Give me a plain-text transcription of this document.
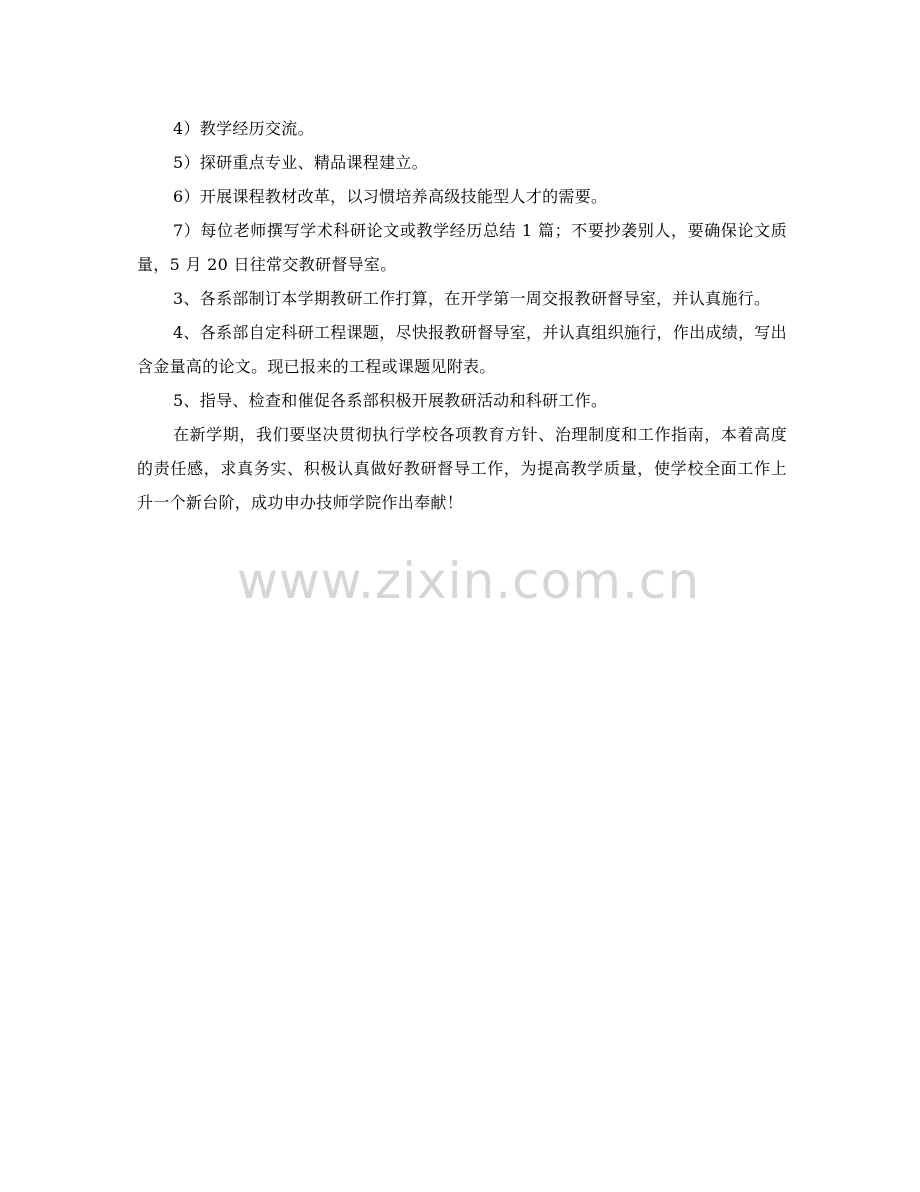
4）教学经历交流。

5）探研重点专业、精品课程建立。

6）开展课程教材改革，以习惯培养高级技能型人才的需要。

7）每位老师撰写学术科研论文或教学经历总结 1 篇；不要抄袭别人，要确保论文质量，5 月 20 日往常交教研督导室。

3、各系部制订本学期教研工作打算，在开学第一周交报教研督导室，并认真施行。

4、各系部自定科研工程课题，尽快报教研督导室，并认真组织施行，作出成绩，写出含金量高的论文。现已报来的工程或课题见附表。

5、指导、检查和催促各系部积极开展教研活动和科研工作。

在新学期，我们要坚决贯彻执行学校各项教育方针、治理制度和工作指南，本着高度的责任感，求真务实、积极认真做好教研督导工作，为提高教学质量，使学校全面工作上升一个新台阶，成功申办技师学院作出奉献！

www.zixin.com.cn
